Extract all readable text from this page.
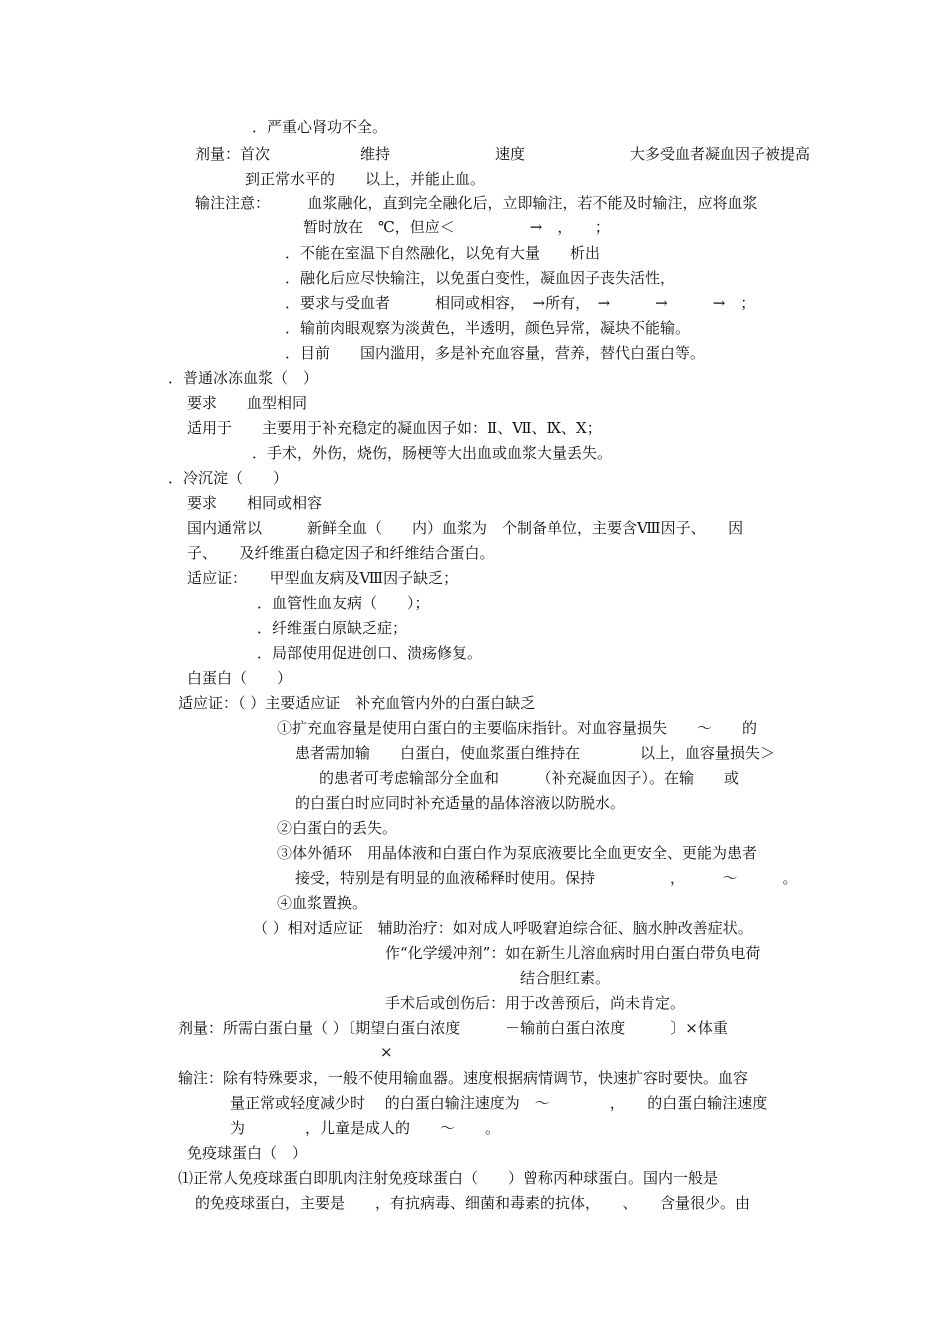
．严重心肾功不全。
剂量：首次　　　　　　维持　　　　　　　速度　　　　　　　大多受血者凝血因子被提高
到正常水平的　　以上，并能止血。
输注注意：　　　血浆融化，直到完全融化后，立即输注，若不能及时输注，应将血浆
暂时放在　℃，但应＜　　　　　→　，　　；
．不能在室温下自然融化，以免有大量　　析出
．融化后应尽快输注，以免蛋白变性，凝血因子丧失活性，
．要求与受血者　　　相同或相容，　→所有，　→　　　→　　　→　；
．输前肉眼观察为淡黄色，半透明，颜色异常，凝块不能输。
．目前　　国内滥用，多是补充血容量，营养，替代白蛋白等。
．普通冰冻血浆（　）
要求　　血型相同
适用于　　主要用于补充稳定的凝血因子如：Ⅱ、Ⅶ、Ⅸ、Ⅹ；
．手术，外伤，烧伤，肠梗等大出血或血浆大量丢失。
．冷沉淀（　　）
要求　　相同或相容
国内通常以　　　新鲜全血（　　内）血浆为　个制备单位，主要含Ⅷ因子、　　因
子、　　及纤维蛋白稳定因子和纤维结合蛋白。
适应证：　　甲型血友病及Ⅷ因子缺乏；
．血管性血友病（　　）；
．纤维蛋白原缺乏症；
．局部使用促进创口、溃疡修复。
白蛋白（　　）
适应证：（ ）主要适应证　补充血管内外的白蛋白缺乏
①扩充血容量是使用白蛋白的主要临床指针。对血容量损失　　～　　的
患者需加输　　白蛋白，使血浆蛋白维持在　　　　以上，血容量损失＞
的患者可考虑输部分全血和　　　（补充凝血因子）。在输　　或
的白蛋白时应同时补充适量的晶体溶液以防脱水。
②白蛋白的丢失。
③体外循环　用晶体液和白蛋白作为泵底液要比全血更安全、更能为患者
接受，特别是有明显的血液稀释时使用。保持　　　　　，　　　～　　　。
④血浆置换。
（ ）相对适应证　辅助治疗：如对成人呼吸窘迫综合征、脑水肿改善症状。
作“化学缓冲剂”：如在新生儿溶血病时用白蛋白带负电荷
结合胆红素。
手术后或创伤后：用于改善预后，尚未肯定。
剂量：所需白蛋白量（ ）〔期望白蛋白浓度　　　－输前白蛋白浓度　　　〕×体重
×
输注：除有特殊要求，一般不使用输血器。速度根据病情调节，快速扩容时要快。血容
量正常或轻度减少时　 的白蛋白输注速度为　～　　　　，　　的白蛋白输注速度
为　　　　，儿童是成人的　　～　　。
免疫球蛋白（　）
⑴正常人免疫球蛋白即肌肉注射免疫球蛋白（　　）曾称丙种球蛋白。国内一般是
的免疫球蛋白，主要是　　，有抗病毒、细菌和毒素的抗体，　　、　　含量很少。由
